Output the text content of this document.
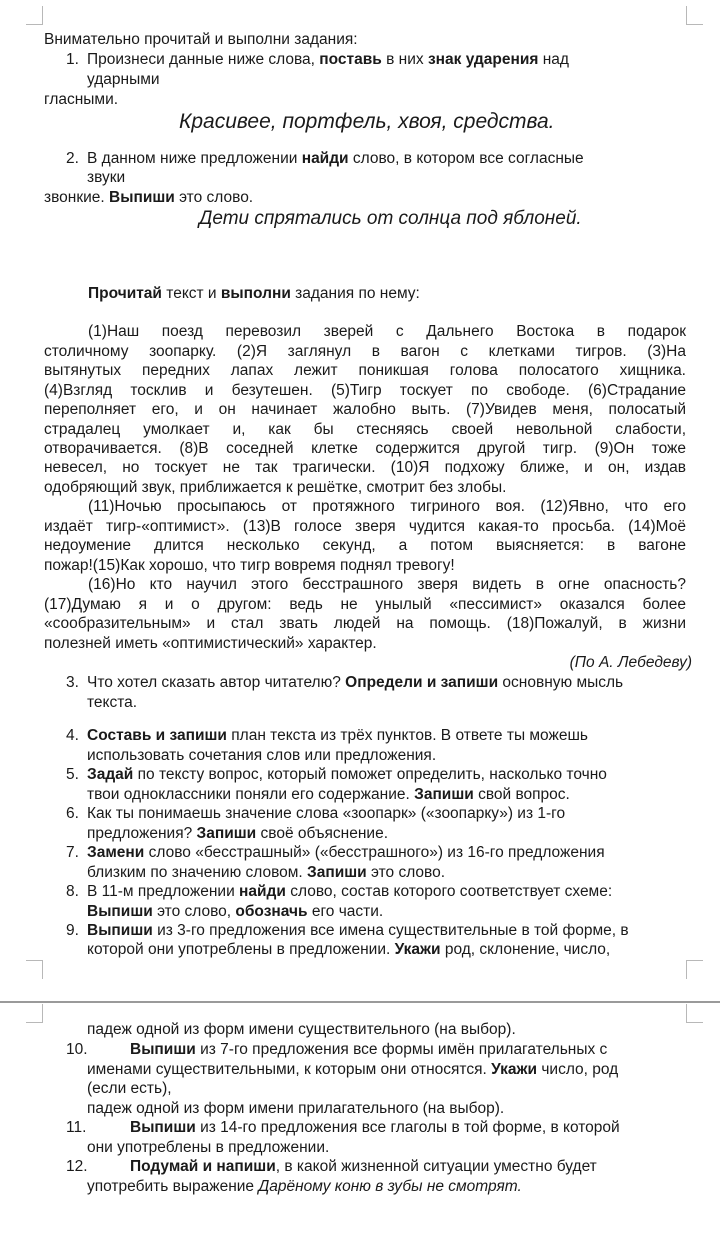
Внимательно прочитай и выполни задания:
1. Произнеси данные ниже слова, поставь в них знак ударения над
ударными
гласными.
Красивее, портфель, хвоя, средства.
2. В данном ниже предложении найди слово, в котором все согласные
звуки
звонкие. Выпиши это слово.
Дети спрятались от солнца под яблоней.
Прочитай текст и выполни задания по нему:
(1)Наш поезд перевозил зверей с Дальнего Востока в подарок
столичному зоопарку. (2)Я заглянул в вагон с клетками тигров. (3)На
вытянутых передних лапах лежит поникшая голова полосатого хищника.
(4)Взгляд тосклив и безутешен. (5)Тигр тоскует по свободе. (6)Страдание
переполняет его, и он начинает жалобно выть. (7)Увидев меня, полосатый
страдалец умолкает и, как бы стесняясь своей невольной слабости,
отворачивается. (8)В соседней клетке содержится другой тигр. (9)Он тоже
невесел, но тоскует не так трагически. (10)Я подхожу ближе, и он, издав
одобряющий звук, приближается к решётке, смотрит без злобы.
(11)Ночью просыпаюсь от протяжного тигриного воя. (12)Явно, что его
издаёт тигр-«оптимист». (13)В голосе зверя чудится какая-то просьба. (14)Моё
недоумение длится несколько секунд, а потом выясняется: в вагоне
пожар!(15)Как хорошо, что тигр вовремя поднял тревогу!
(16)Но кто научил этого бесстрашного зверя видеть в огне опасность?
(17)Думаю я и о другом: ведь не унылый «пессимист» оказался более
«сообразительным» и стал звать людей на помощь. (18)Пожалуй, в жизни
полезней иметь «оптимистический» характер.
(По А. Лебедеву)
3. Что хотел сказать автор читателю? Определи и запиши основную мысль
текста.
4. Составь и запиши план текста из трёх пунктов. В ответе ты можешь
использовать сочетания слов или предложения.
5. Задай по тексту вопрос, который поможет определить, насколько точно
твои одноклассники поняли его содержание. Запиши свой вопрос.
6. Как ты понимаешь значение слова «зоопарк» («зоопарку») из 1-го
предложения? Запиши своё объяснение.
7. Замени слово «бесстрашный» («бесстрашного») из 16-го предложения
близким по значению словом. Запиши это слово.
8. В 11-м предложении найди слово, состав которого соответствует схеме:
Выпиши это слово, обозначь его части.
9. Выпиши из 3-го предложения все имена существительные в той форме, в
которой они употреблены в предложении. Укажи род, склонение, число,
падеж одной из форм имени существительного (на выбор).
10.	Выпиши из 7-го предложения все формы имён прилагательных с
именами существительными, к которым они относятся. Укажи число, род
(если есть),
падеж одной из форм имени прилагательного (на выбор).
11.	Выпиши из 14-го предложения все глаголы в той форме, в которой
они употреблены в предложении.
12.	Подумай и напиши, в какой жизненной ситуации уместно будет
употребить выражение Дарёному коню в зубы не смотрят.
